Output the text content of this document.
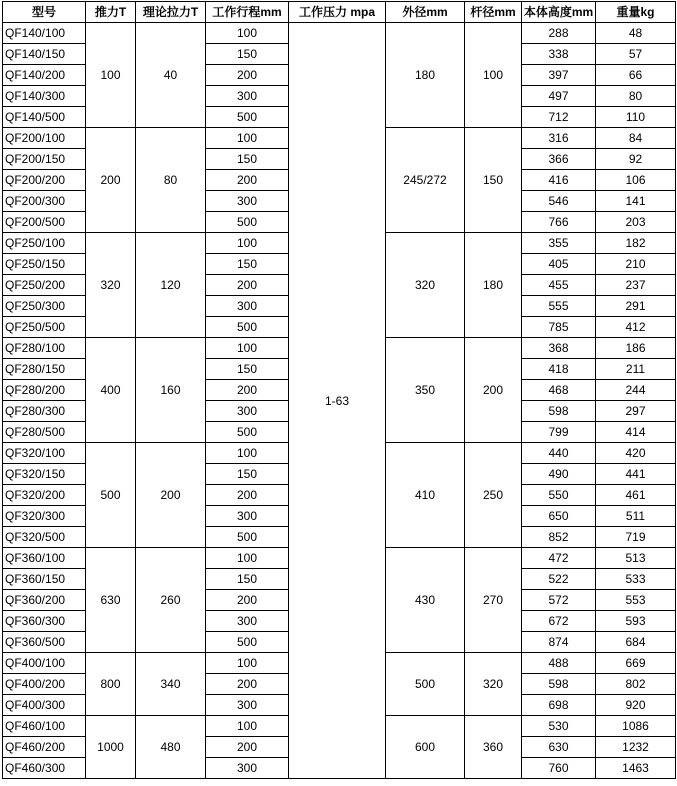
型号	推力T	理论拉力T	工作行程mm	工作压力 mpa	外径mm	杆径mm	本体高度mm	重量kg
QF140/100	100	40	100	1-63	180	100	288	48
QF140/150			150				338	57
QF140/200			200				397	66
QF140/300			300				497	80
QF140/500			500				712	110
QF200/100	200	80	100		245/272	150	316	84
QF200/150			150				366	92
QF200/200			200				416	106
QF200/300			300				546	141
QF200/500			500				766	203
QF250/100	320	120	100		320	180	355	182
QF250/150			150				405	210
QF250/200			200				455	237
QF250/300			300				555	291
QF250/500			500				785	412
QF280/100	400	160	100		350	200	368	186
QF280/150			150				418	211
QF280/200			200				468	244
QF280/300			300				598	297
QF280/500			500				799	414
QF320/100	500	200	100		410	250	440	420
QF320/150			150				490	441
QF320/200			200				550	461
QF320/300			300				650	511
QF320/500			500				852	719
QF360/100	630	260	100		430	270	472	513
QF360/150			150				522	533
QF360/200			200				572	553
QF360/300			300				672	593
QF360/500			500				874	684
QF400/100	800	340	100		500	320	488	669
QF400/200			200				598	802
QF400/300			300				698	920
QF460/100	1000	480	100		600	360	530	1086
QF460/200			200				630	1232
QF460/300			300				760	1463
